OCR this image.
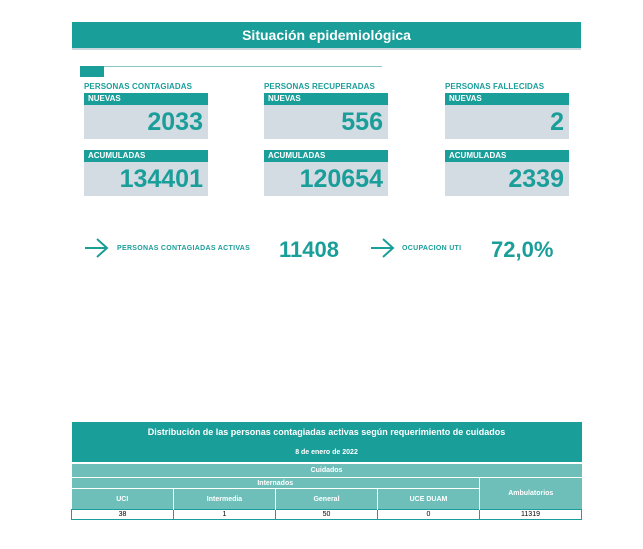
Situación epidemiológica
PERSONAS CONTAGIADAS
NUEVAS
2033
ACUMULADAS
134401
PERSONAS RECUPERADAS
NUEVAS
556
ACUMULADAS
120654
PERSONAS FALLECIDAS
NUEVAS
2
ACUMULADAS
2339
PERSONAS CONTAGIADAS ACTIVAS 11408	OCUPACION UTI 72,0%
Distribución de las personas contagiadas activas según requerimiento de cuidados				
8 de enero de 2022				
Cuidados				
Internados				Ambulatorios
UCI	Intermedia	General	UCE DUAM	
38	1	50	0	11319
